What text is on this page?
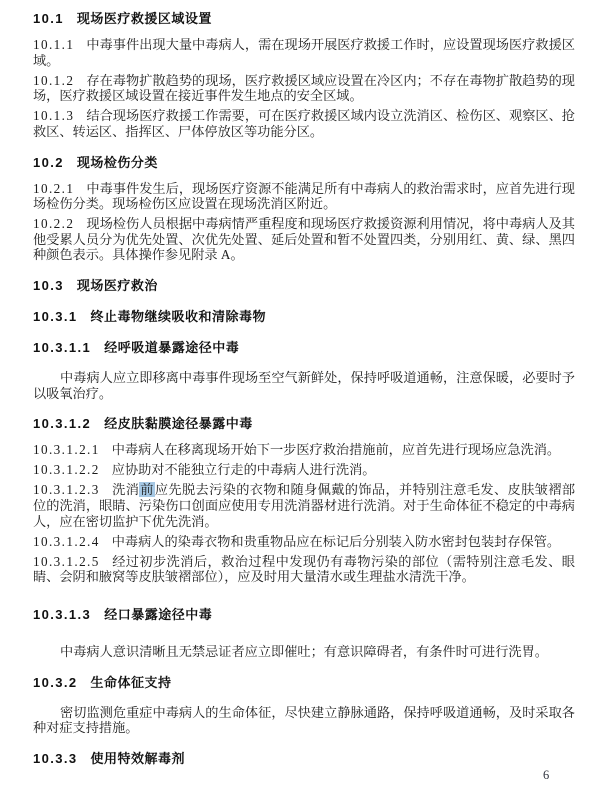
10.1 现场医疗救援区域设置

10.1.1 中毒事件出现大量中毒病人，需在现场开展医疗救援工作时，应设置现场医疗救援区域。

10.1.2 存在毒物扩散趋势的现场，医疗救援区域应设置在冷区内；不存在毒物扩散趋势的现场，医疗救援区域设置在接近事件发生地点的安全区域。

10.1.3 结合现场医疗救援工作需要，可在医疗救援区域内设立洗消区、检伤区、观察区、抢救区、转运区、指挥区、尸体停放区等功能分区。

10.2 现场检伤分类

10.2.1 中毒事件发生后，现场医疗资源不能满足所有中毒病人的救治需求时，应首先进行现场检伤分类。现场检伤区应设置在现场洗消区附近。

10.2.2 现场检伤人员根据中毒病情严重程度和现场医疗救援资源利用情况，将中毒病人及其他受累人员分为优先处置、次优先处置、延后处置和暂不处置四类，分别用红、黄、绿、黑四种颜色表示。具体操作参见附录 A。

10.3 现场医疗救治
10.3.1 终止毒物继续吸收和清除毒物
10.3.1.1 经呼吸道暴露途径中毒

中毒病人应立即移离中毒事件现场至空气新鲜处，保持呼吸道通畅，注意保暖，必要时予以吸氧治疗。

10.3.1.2 经皮肤黏膜途径暴露中毒

10.3.1.2.1 中毒病人在移离现场开始下一步医疗救治措施前，应首先进行现场应急洗消。

10.3.1.2.2 应协助对不能独立行走的中毒病人进行洗消。

10.3.1.2.3 洗消前应先脱去污染的衣物和随身佩戴的饰品，并特别注意毛发、皮肤皱褶部位的洗消，眼睛、污染伤口创面应使用专用洗消器材进行洗消。对于生命体征不稳定的中毒病人，应在密切监护下优先洗消。

10.3.1.2.4 中毒病人的染毒衣物和贵重物品应在标记后分别装入防水密封包装封存保管。

10.3.1.2.5 经过初步洗消后，救治过程中发现仍有毒物污染的部位（需特别注意毛发、眼睛、会阴和腋窝等皮肤皱褶部位），应及时用大量清水或生理盐水清洗干净。

10.3.1.3 经口暴露途径中毒

中毒病人意识清晰且无禁忌证者应立即催吐；有意识障碍者，有条件时可进行洗胃。

10.3.2 生命体征支持

密切监测危重症中毒病人的生命体征，尽快建立静脉通路，保持呼吸道通畅，及时采取各种对症支持措施。

10.3.3 使用特效解毒剂
6
